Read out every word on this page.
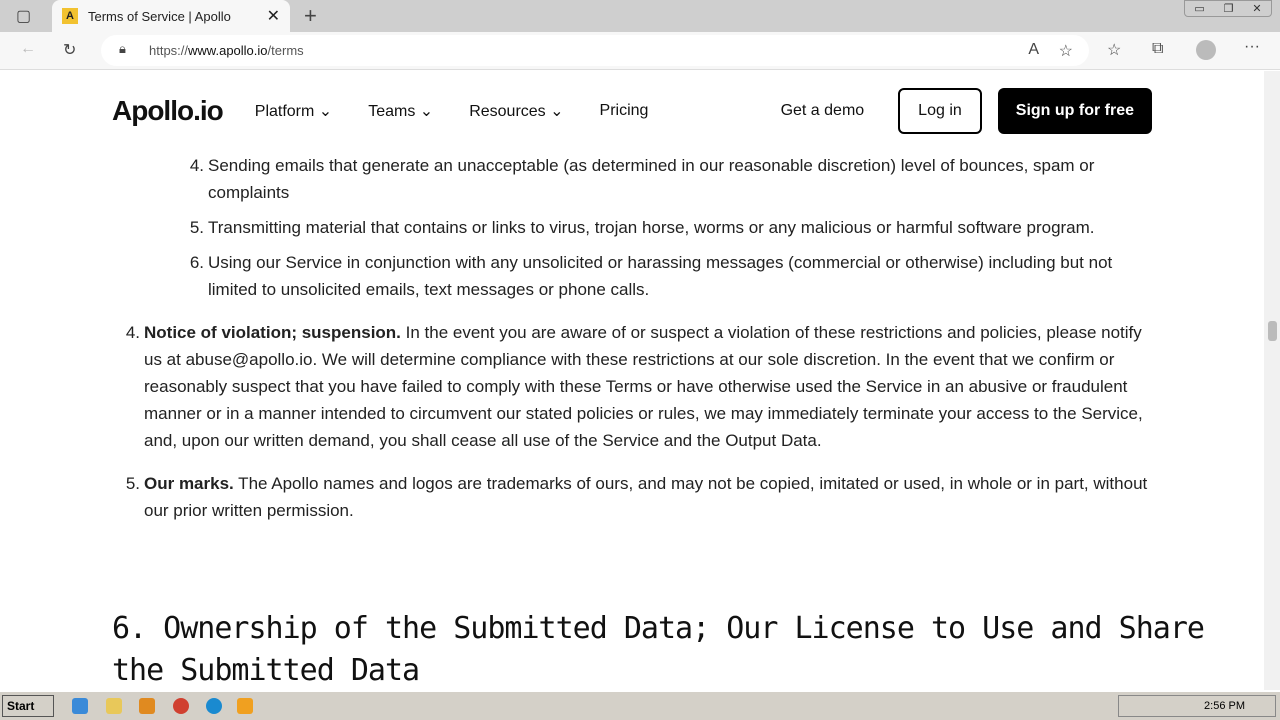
▢	A	Terms of Service | Apollo ✕ +	▭ ❐ ✕
← ↻	🔒︎ https:// www.apollo.io /terms	A ☆ ☆ ⧉	···
Apollo.io Platform ⌄ Teams ⌄ Resources ⌄ Pricing	Get a demo	Log in	Sign up for free
4. Sending emails that generate an unacceptable (as determined in our reasonable discretion) level of bounces, spam or complaints
5. Transmitting material that contains or links to virus, trojan horse, worms or any malicious or harmful software program.
6. Using our Service in conjunction with any unsolicited or harassing messages (commercial or otherwise) including but not limited to unsolicited emails, text messages or phone calls.
4. Notice of violation; suspension. In the event you are aware of or suspect a violation of these restrictions and policies, please notify us at abuse@apollo.io. We will determine compliance with these restrictions at our sole discretion. In the event that we confirm or reasonably suspect that you have failed to comply with these Terms or have otherwise used the Service in an abusive or fraudulent manner or in a manner intended to circumvent our stated policies or rules, we may immediately terminate your access to the Service, and, upon our written demand, you shall cease all use of the Service and the Output Data.
5. Our marks. The Apollo names and logos are trademarks of ours, and may not be copied, imitated or used, in whole or in part, without our prior written permission.
6. Ownership of the Submitted Data; Our License to Use and Share the Submitted Data
Start	2:56 PM
